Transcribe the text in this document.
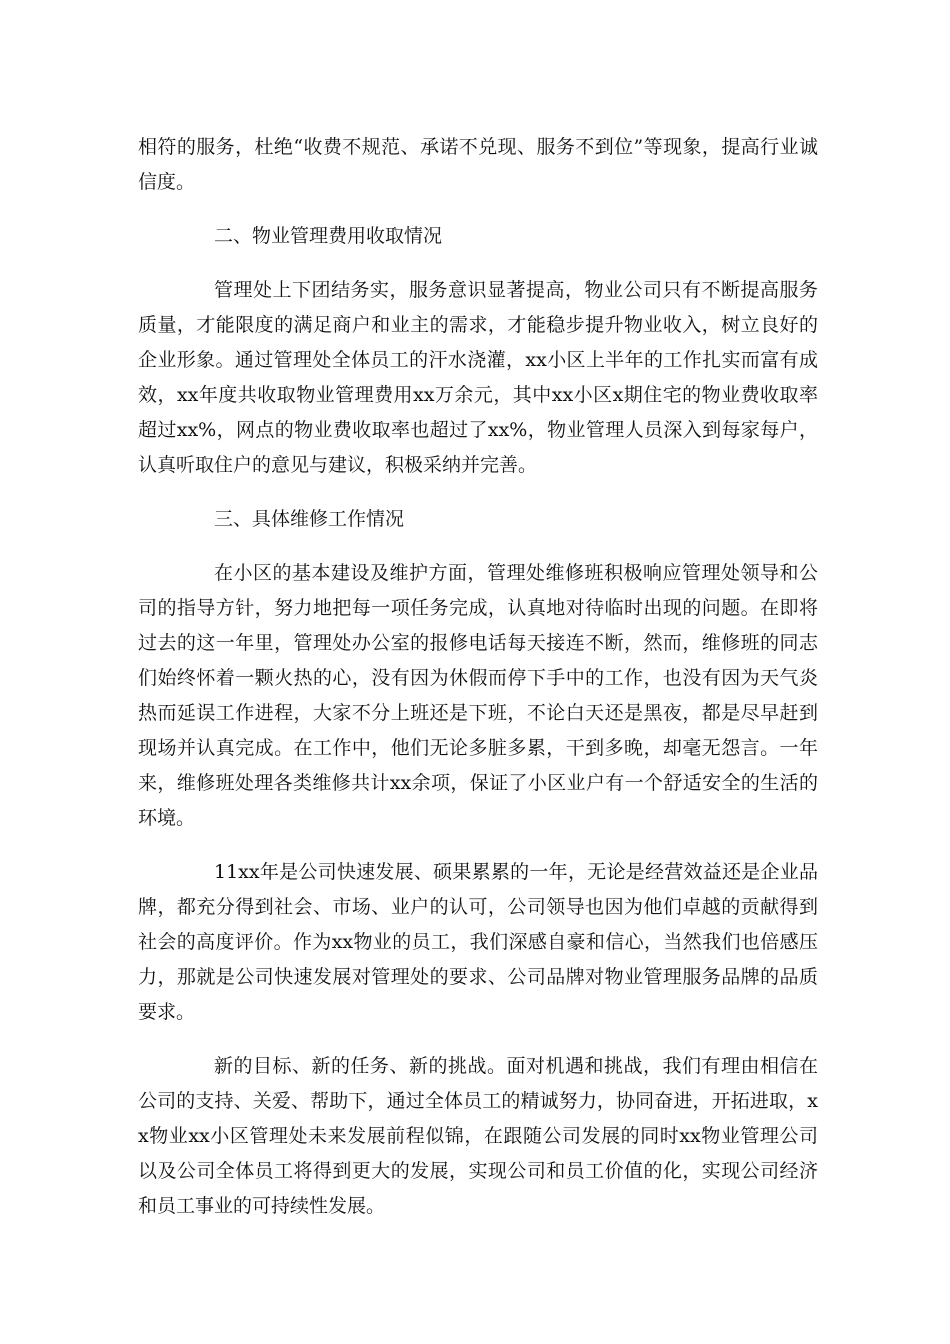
相符的服务，杜绝“收费不规范、承诺不兑现、服务不到位”等现象，提高行业诚信度。

二、物业管理费用收取情况

管理处上下团结务实，服务意识显著提高，物业公司只有不断提高服务质量，才能限度的满足商户和业主的需求，才能稳步提升物业收入，树立良好的企业形象。通过管理处全体员工的汗水浇灌，xx小区上半年的工作扎实而富有成效，xx年度共收取物业管理费用xx万余元，其中xx小区x期住宅的物业费收取率超过xx%，网点的物业费收取率也超过了xx%，物业管理人员深入到每家每户，认真听取住户的意见与建议，积极采纳并完善。

三、具体维修工作情况

在小区的基本建设及维护方面，管理处维修班积极响应管理处领导和公司的指导方针，努力地把每一项任务完成，认真地对待临时出现的问题。在即将过去的这一年里，管理处办公室的报修电话每天接连不断，然而，维修班的同志们始终怀着一颗火热的心，没有因为休假而停下手中的工作，也没有因为天气炎热而延误工作进程，大家不分上班还是下班，不论白天还是黑夜，都是尽早赶到现场并认真完成。在工作中，他们无论多脏多累，干到多晚，却毫无怨言。一年来，维修班处理各类维修共计xx余项，保证了小区业户有一个舒适安全的生活的环境。

11xx年是公司快速发展、硕果累累的一年，无论是经营效益还是企业品牌，都充分得到社会、市场、业户的认可，公司领导也因为他们卓越的贡献得到社会的高度评价。作为xx物业的员工，我们深感自豪和信心，当然我们也倍感压力，那就是公司快速发展对管理处的要求、公司品牌对物业管理服务品牌的品质要求。

新的目标、新的任务、新的挑战。面对机遇和挑战，我们有理由相信在公司的支持、关爱、帮助下，通过全体员工的精诚努力，协同奋进，开拓进取，xx物业xx小区管理处未来发展前程似锦，在跟随公司发展的同时xx物业管理公司以及公司全体员工将得到更大的发展，实现公司和员工价值的化，实现公司经济和员工事业的可持续性发展。
